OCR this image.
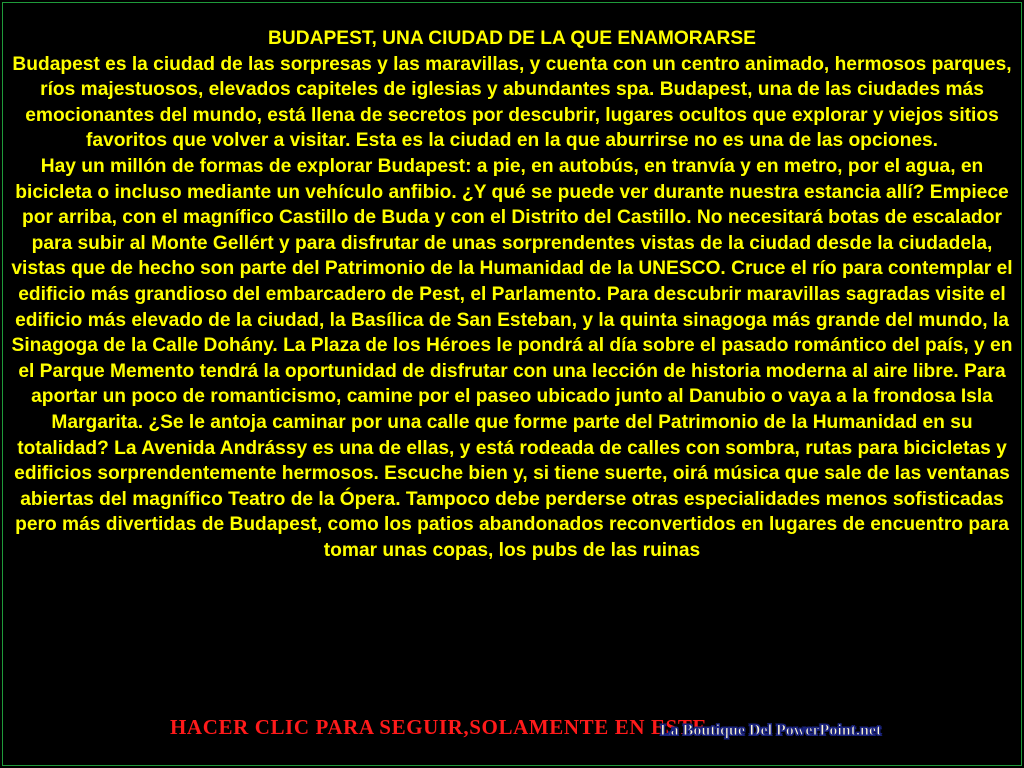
BUDAPEST, UNA CIUDAD DE LA QUE ENAMORARSE

Budapest es la ciudad de las sorpresas y las maravillas, y cuenta con un centro animado, hermosos parques, ríos majestuosos, elevados capiteles de iglesias y abundantes spa. Budapest, una de las ciudades más emocionantes del mundo, está llena de secretos por descubrir, lugares ocultos que explorar y viejos sitios favoritos que volver a visitar. Esta es la ciudad en la que aburrirse no es una de las opciones.

Hay un millón de formas de explorar Budapest: a pie, en autobús, en tranvía y en metro, por el agua, en bicicleta o incluso mediante un vehículo anfibio. ¿Y qué se puede ver durante nuestra estancia allí? Empiece por arriba, con el magnífico Castillo de Buda y con el Distrito del Castillo. No necesitará botas de escalador para subir al Monte Gellért y para disfrutar de unas sorprendentes vistas de la ciudad desde la ciudadela, vistas que de hecho son parte del Patrimonio de la Humanidad de la UNESCO. Cruce el río para contemplar el edificio más grandioso del embarcadero de Pest, el Parlamento. Para descubrir maravillas sagradas visite el edificio más elevado de la ciudad, la Basílica de San Esteban, y la quinta sinagoga más grande del mundo, la Sinagoga de la Calle Dohány. La Plaza de los Héroes le pondrá al día sobre el pasado romántico del país, y en el Parque Memento tendrá la oportunidad de disfrutar con una lección de historia moderna al aire libre. Para aportar un poco de romanticismo, camine por el paseo ubicado junto al Danubio o vaya a la frondosa Isla Margarita. ¿Se le antoja caminar por una calle que forme parte del Patrimonio de la Humanidad en su totalidad? La Avenida Andrássy es una de ellas, y está rodeada de calles con sombra, rutas para bicicletas y edificios sorprendentemente hermosos. Escuche bien y, si tiene suerte, oirá música que sale de las ventanas abiertas del magnífico Teatro de la Ópera. Tampoco debe perderse otras especialidades menos sofisticadas pero más divertidas de Budapest, como los patios abandonados reconvertidos en lugares de encuentro para tomar unas copas, los pubs de las ruinas

HACER CLIC PARA SEGUIR,SOLAMENTE EN ESTE
La Boutique Del PowerPoint.net
